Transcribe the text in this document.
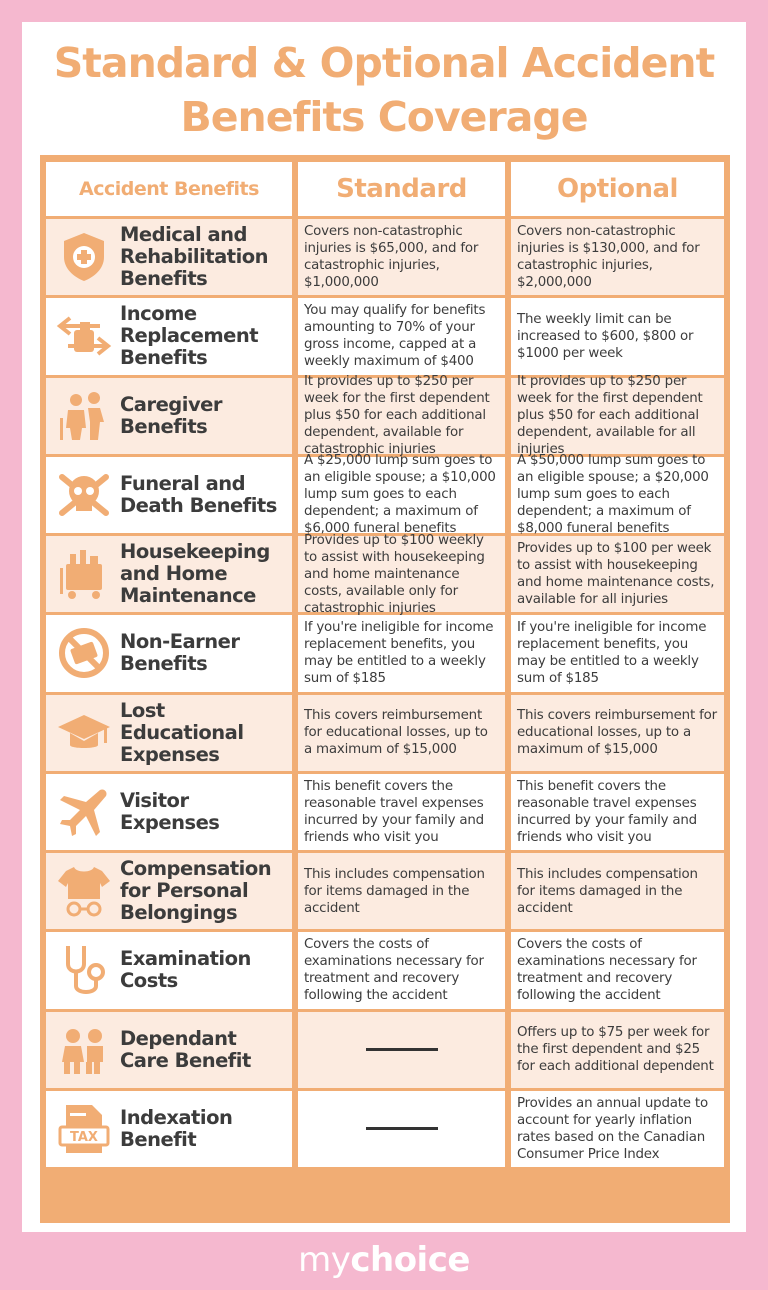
Standard & Optional Accident
Benefits Coverage
Accident Benefits	Standard	Optional
Medical and
Rehabilitation
Benefits
Covers non-catastrophic injuries is $65,000, and for catastrophic injuries, $1,000,000
Covers non-catastrophic injuries is $130,000, and for catastrophic injuries, $2,000,000
Income
Replacement
Benefits
You may qualify for benefits amounting to 70% of your gross income, capped at a weekly maximum of $400
The weekly limit can be increased to $600, $800 or $1000 per week
Caregiver
Benefits
It provides up to $250 per week for the first dependent plus $50 for each additional dependent, available for catastrophic injuries
It provides up to $250 per week for the first dependent plus $50 for each additional dependent, available for all injuries
Funeral and
Death Benefits
A $25,000 lump sum goes to an eligible spouse; a $10,000 lump sum goes to each dependent; a maximum of $6,000 funeral benefits
A $50,000 lump sum goes to an eligible spouse; a $20,000 lump sum goes to each dependent; a maximum of $8,000 funeral benefits
Housekeeping
and Home
Maintenance
Provides up to $100 weekly to assist with housekeeping and home maintenance costs, available only for catastrophic injuries
Provides up to $100 per week to assist with housekeeping and home maintenance costs, available for all injuries
Non-Earner
Benefits
If you're ineligible for income replacement benefits, you may be entitled to a weekly sum of $185
If you're ineligible for income replacement benefits, you may be entitled to a weekly sum of $185
Lost
Educational
Expenses
This covers reimbursement for educational losses, up to a maximum of $15,000
This covers reimbursement for educational losses, up to a maximum of $15,000
Visitor
Expenses
This benefit covers the reasonable travel expenses incurred by your family and friends who visit you
This benefit covers the reasonable travel expenses incurred by your family and friends who visit you
Compensation
for Personal
Belongings
This includes compensation for items damaged in the accident
This includes compensation for items damaged in the accident
Examination
Costs
Covers the costs of examinations necessary for treatment and recovery following the accident
Covers the costs of examinations necessary for treatment and recovery following the accident
Dependant
Care Benefit
Offers up to $75 per week for the first dependent and $25 for each additional dependent
TAX
Indexation
Benefit
Provides an annual update to account for yearly inflation rates based on the Canadian Consumer Price Index
mychoice
